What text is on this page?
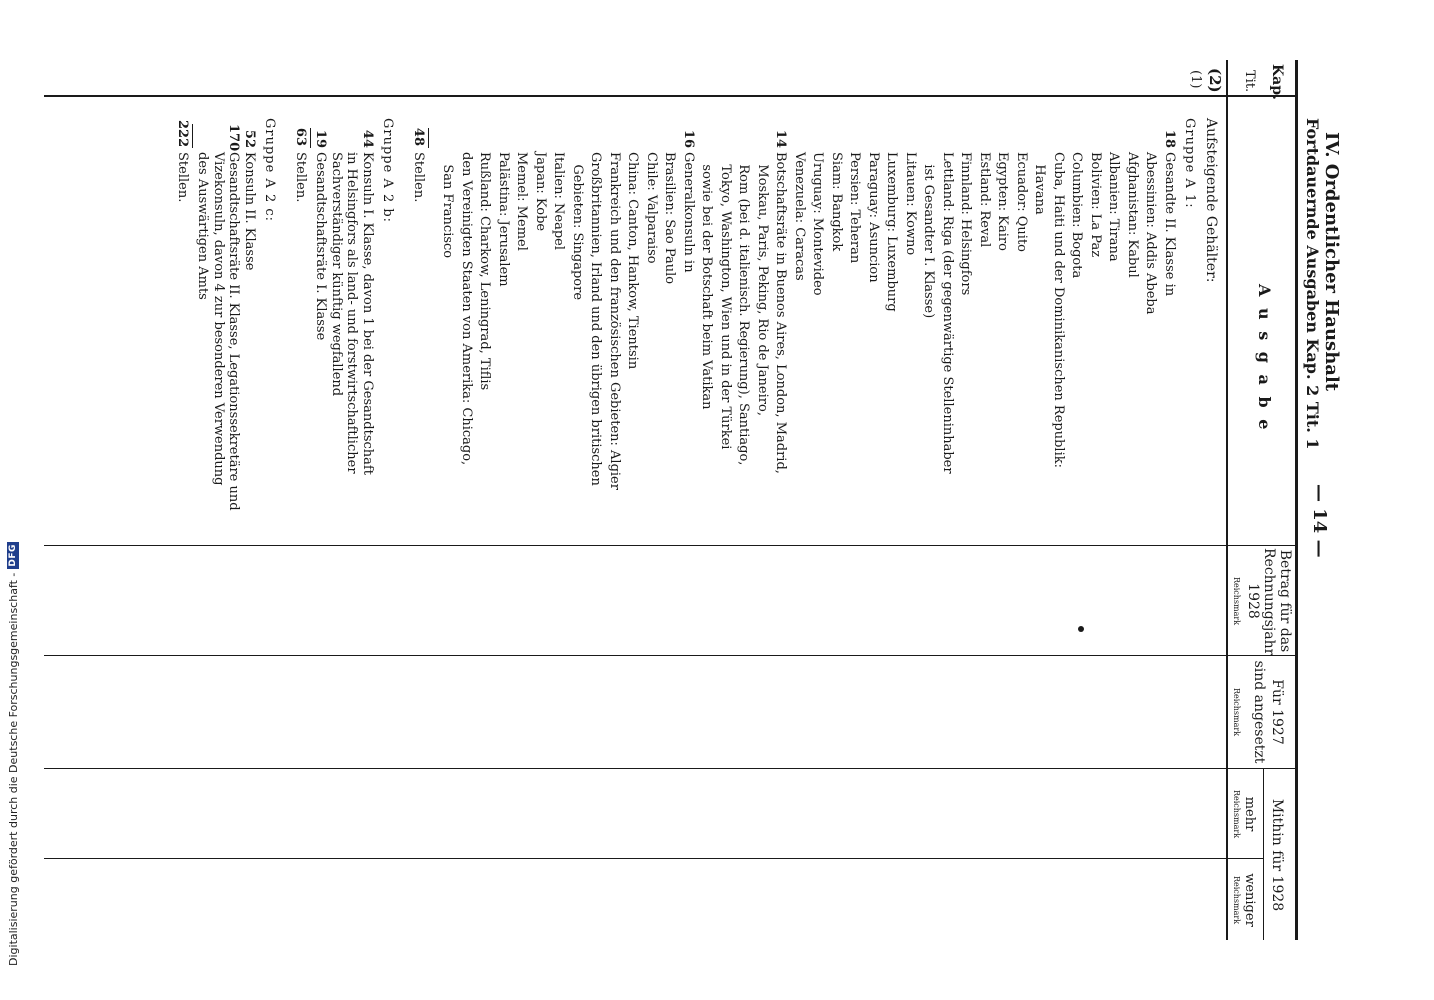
IV. Ordentlicher Haushalt
Fortdauernde Ausgaben Kap. 2 Tit. 1
— 14 —
Kap.
Tit.
A u s g a b e
Betrag für das
Rechnungsjahr
1928
Reichsmark
Für 1927
sind angesetzt
Reichsmark
Mithin für 1928
mehr
weniger
Reichsmark
Reichsmark
(2)
(1)
Aufsteigende Gehälter:
Gruppe A 1:
48
Stellen.
Gruppe A 2 b:
63
Stellen.
Gruppe A 2 c:
222
Stellen.
18
Gesandte II. Klasse in
Abessinien: Addis Abeba
Afghanistan: Kabul
Albanien: Tirana
Bolivien: La Paz
Columbien: Bogota
Cuba, Haiti und der Dominikanischen Republik:
Havana
Ecuador: Quito
Egypten: Kairo
Estland: Reval
Finnland: Helsingfors
Lettland: Riga (der gegenwärtige Stelleninhaber
ist Gesandter I. Klasse)
Litauen: Kowno
Luxemburg: Luxemburg
Paraguay: Asuncion
Persien: Teheran
Siam: Bangkok
Uruguay: Montevideo
Venezuela: Caracas
14
Botschaftsräte in Buenos Aires, London, Madrid,
Moskau, Paris, Peking, Rio de Janeiro,
Rom (bei d. italienisch. Regierung), Santiago,
Tokyo, Washington, Wien und in der Türkei
sowie bei der Botschaft beim Vatikan
16
Generalkonsuln in
Brasilien: Sao Paulo
Chile: Valparaiso
China: Canton, Hankow, Tientsin
Frankreich und den französischen Gebieten: Algier
Großbritannien, Irland und den übrigen britischen
Gebieten: Singapore
Italien: Neapel
Japan: Kobe
Memel: Memel
Palästina: Jerusalem
Rußland: Charkow, Leningrad, Tiflis
den Vereinigten Staaten von Amerika: Chicago,
San Francisco
44
Konsuln I. Klasse, davon 1 bei der Gesandtschaft
in Helsingfors als land- und forstwirtschaftlicher
Sachverständiger künftig wegfallend
19
Gesandtschaftsräte I. Klasse
52
Konsuln II. Klasse
170
Gesandtschaftsräte II. Klasse, Legationssekretäre und
Vizekonsuln, davon 4 zur besonderen Verwendung
des Auswärtigen Amts
Digitalisierung gefördert durch die Deutsche Forschungsgemeinschaft -
DFG
